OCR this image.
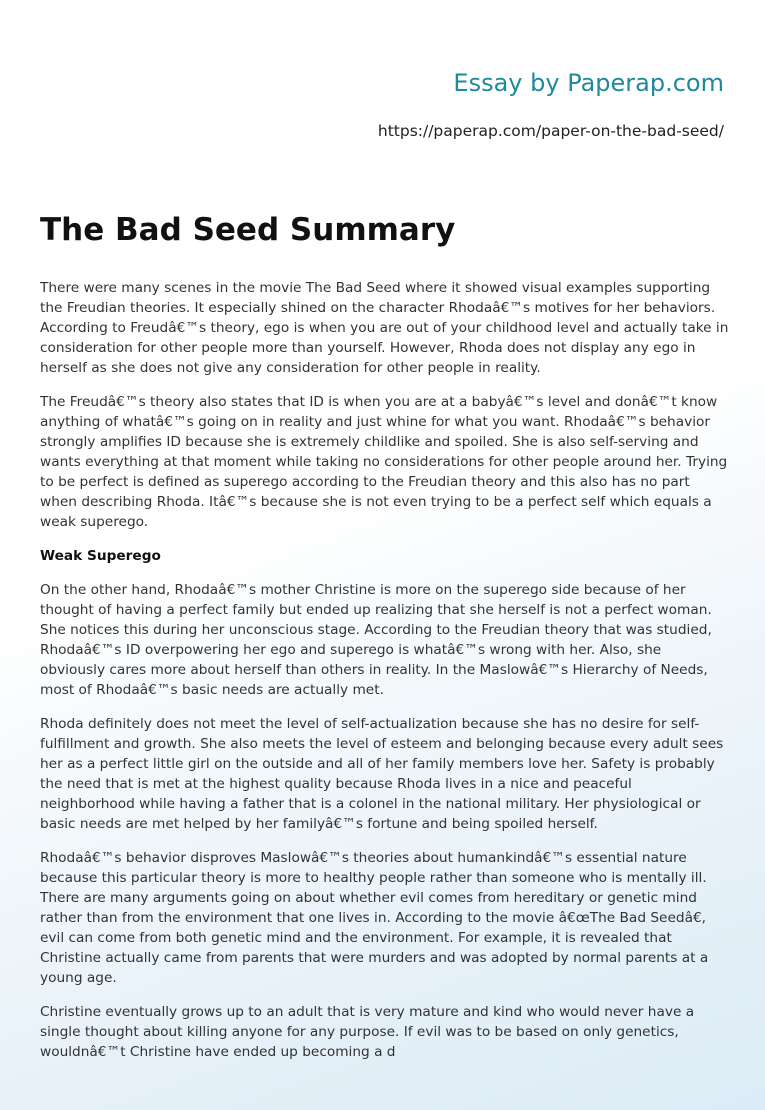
Essay by Paperap.com
https://paperap.com/paper-on-the-bad-seed/
The Bad Seed Summary

There were many scenes in the movie The Bad Seed where it showed visual examples supporting the Freudian theories. It especially shined on the character Rhodaâ€™s motives for her behaviors. According to Freudâ€™s theory, ego is when you are out of your childhood level and actually take in consideration for other people more than yourself. However, Rhoda does not display any ego in herself as she does not give any consideration for other people in reality.

The Freudâ€™s theory also states that ID is when you are at a babyâ€™s level and donâ€™t know anything of whatâ€™s going on in reality and just whine for what you want. Rhodaâ€™s behavior strongly amplifies ID because she is extremely childlike and spoiled. She is also self-serving and wants everything at that moment while taking no considerations for other people around her. Trying to be perfect is defined as superego according to the Freudian theory and this also has no part when describing Rhoda. Itâ€™s because she is not even trying to be a perfect self which equals a weak superego.

Weak Superego

On the other hand, Rhodaâ€™s mother Christine is more on the superego side because of her thought of having a perfect family but ended up realizing that she herself is not a perfect woman. She notices this during her unconscious stage. According to the Freudian theory that was studied, Rhodaâ€™s ID overpowering her ego and superego is whatâ€™s wrong with her. Also, she obviously cares more about herself than others in reality. In the Maslowâ€™s Hierarchy of Needs, most of Rhodaâ€™s basic needs are actually met.

Rhoda definitely does not meet the level of self-actualization because she has no desire for self-fulfillment and growth. She also meets the level of esteem and belonging because every adult sees her as a perfect little girl on the outside and all of her family members love her. Safety is probably the need that is met at the highest quality because Rhoda lives in a nice and peaceful neighborhood while having a father that is a colonel in the national military. Her physiological or basic needs are met helped by her familyâ€™s fortune and being spoiled herself.

Rhodaâ€™s behavior disproves Maslowâ€™s theories about humankindâ€™s essential nature because this particular theory is more to healthy people rather than someone who is mentally ill. There are many arguments going on about whether evil comes from hereditary or genetic mind rather than from the environment that one lives in. According to the movie â€œThe Bad Seedâ€, evil can come from both genetic mind and the environment. For example, it is revealed that Christine actually came from parents that were murders and was adopted by normal parents at a young age.

Christine eventually grows up to an adult that is very mature and kind who would never have a single thought about killing anyone for any purpose. If evil was to be based on only genetics, wouldnâ€™t Christine have ended up becoming a d
